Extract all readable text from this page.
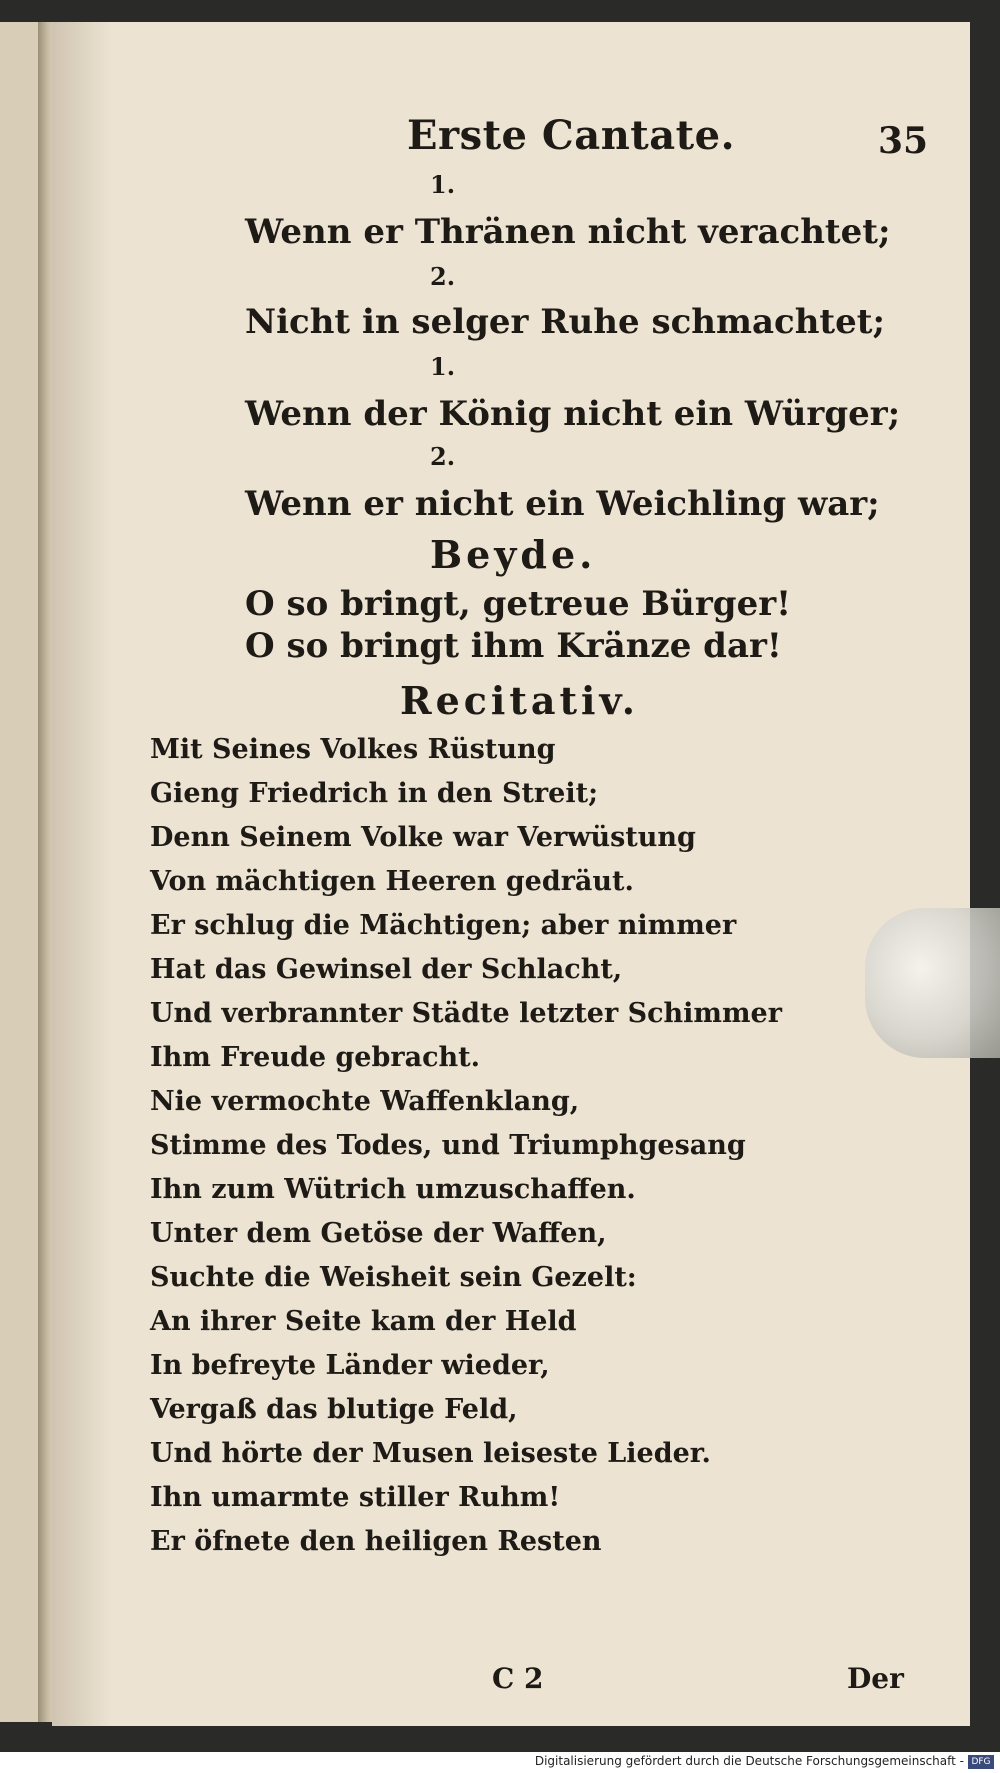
Erste Cantate.	35
1.
Wenn er Thränen nicht verachtet;
2.
Nicht in selger Ruhe schmachtet;
1.
Wenn der König nicht ein Würger;
2.
Wenn er nicht ein Weichling war;
Beyde.
O so bringt, getreue Bürger!
O so bringt ihm Kränze dar!
Recitativ.
Mit Seines Volkes Rüstung
Gieng Friedrich in den Streit;
Denn Seinem Volke war Verwüstung
Von mächtigen Heeren gedräut.
Er schlug die Mächtigen; aber nimmer
Hat das Gewinsel der Schlacht,
Und verbrannter Städte letzter Schimmer
Ihm Freude gebracht.
Nie vermochte Waffenklang,
Stimme des Todes, und Triumphgesang
Ihn zum Wütrich umzuschaffen.
Unter dem Getöse der Waffen,
Suchte die Weisheit sein Gezelt:
An ihrer Seite kam der Held
In befreyte Länder wieder,
Vergaß das blutige Feld,
Und hörte der Musen leiseste Lieder.
Ihn umarmte stiller Ruhm!
Er öfnete den heiligen Resten
C 2	Der
Digitalisierung gefördert durch die Deutsche Forschungsgemeinschaft - DFG
